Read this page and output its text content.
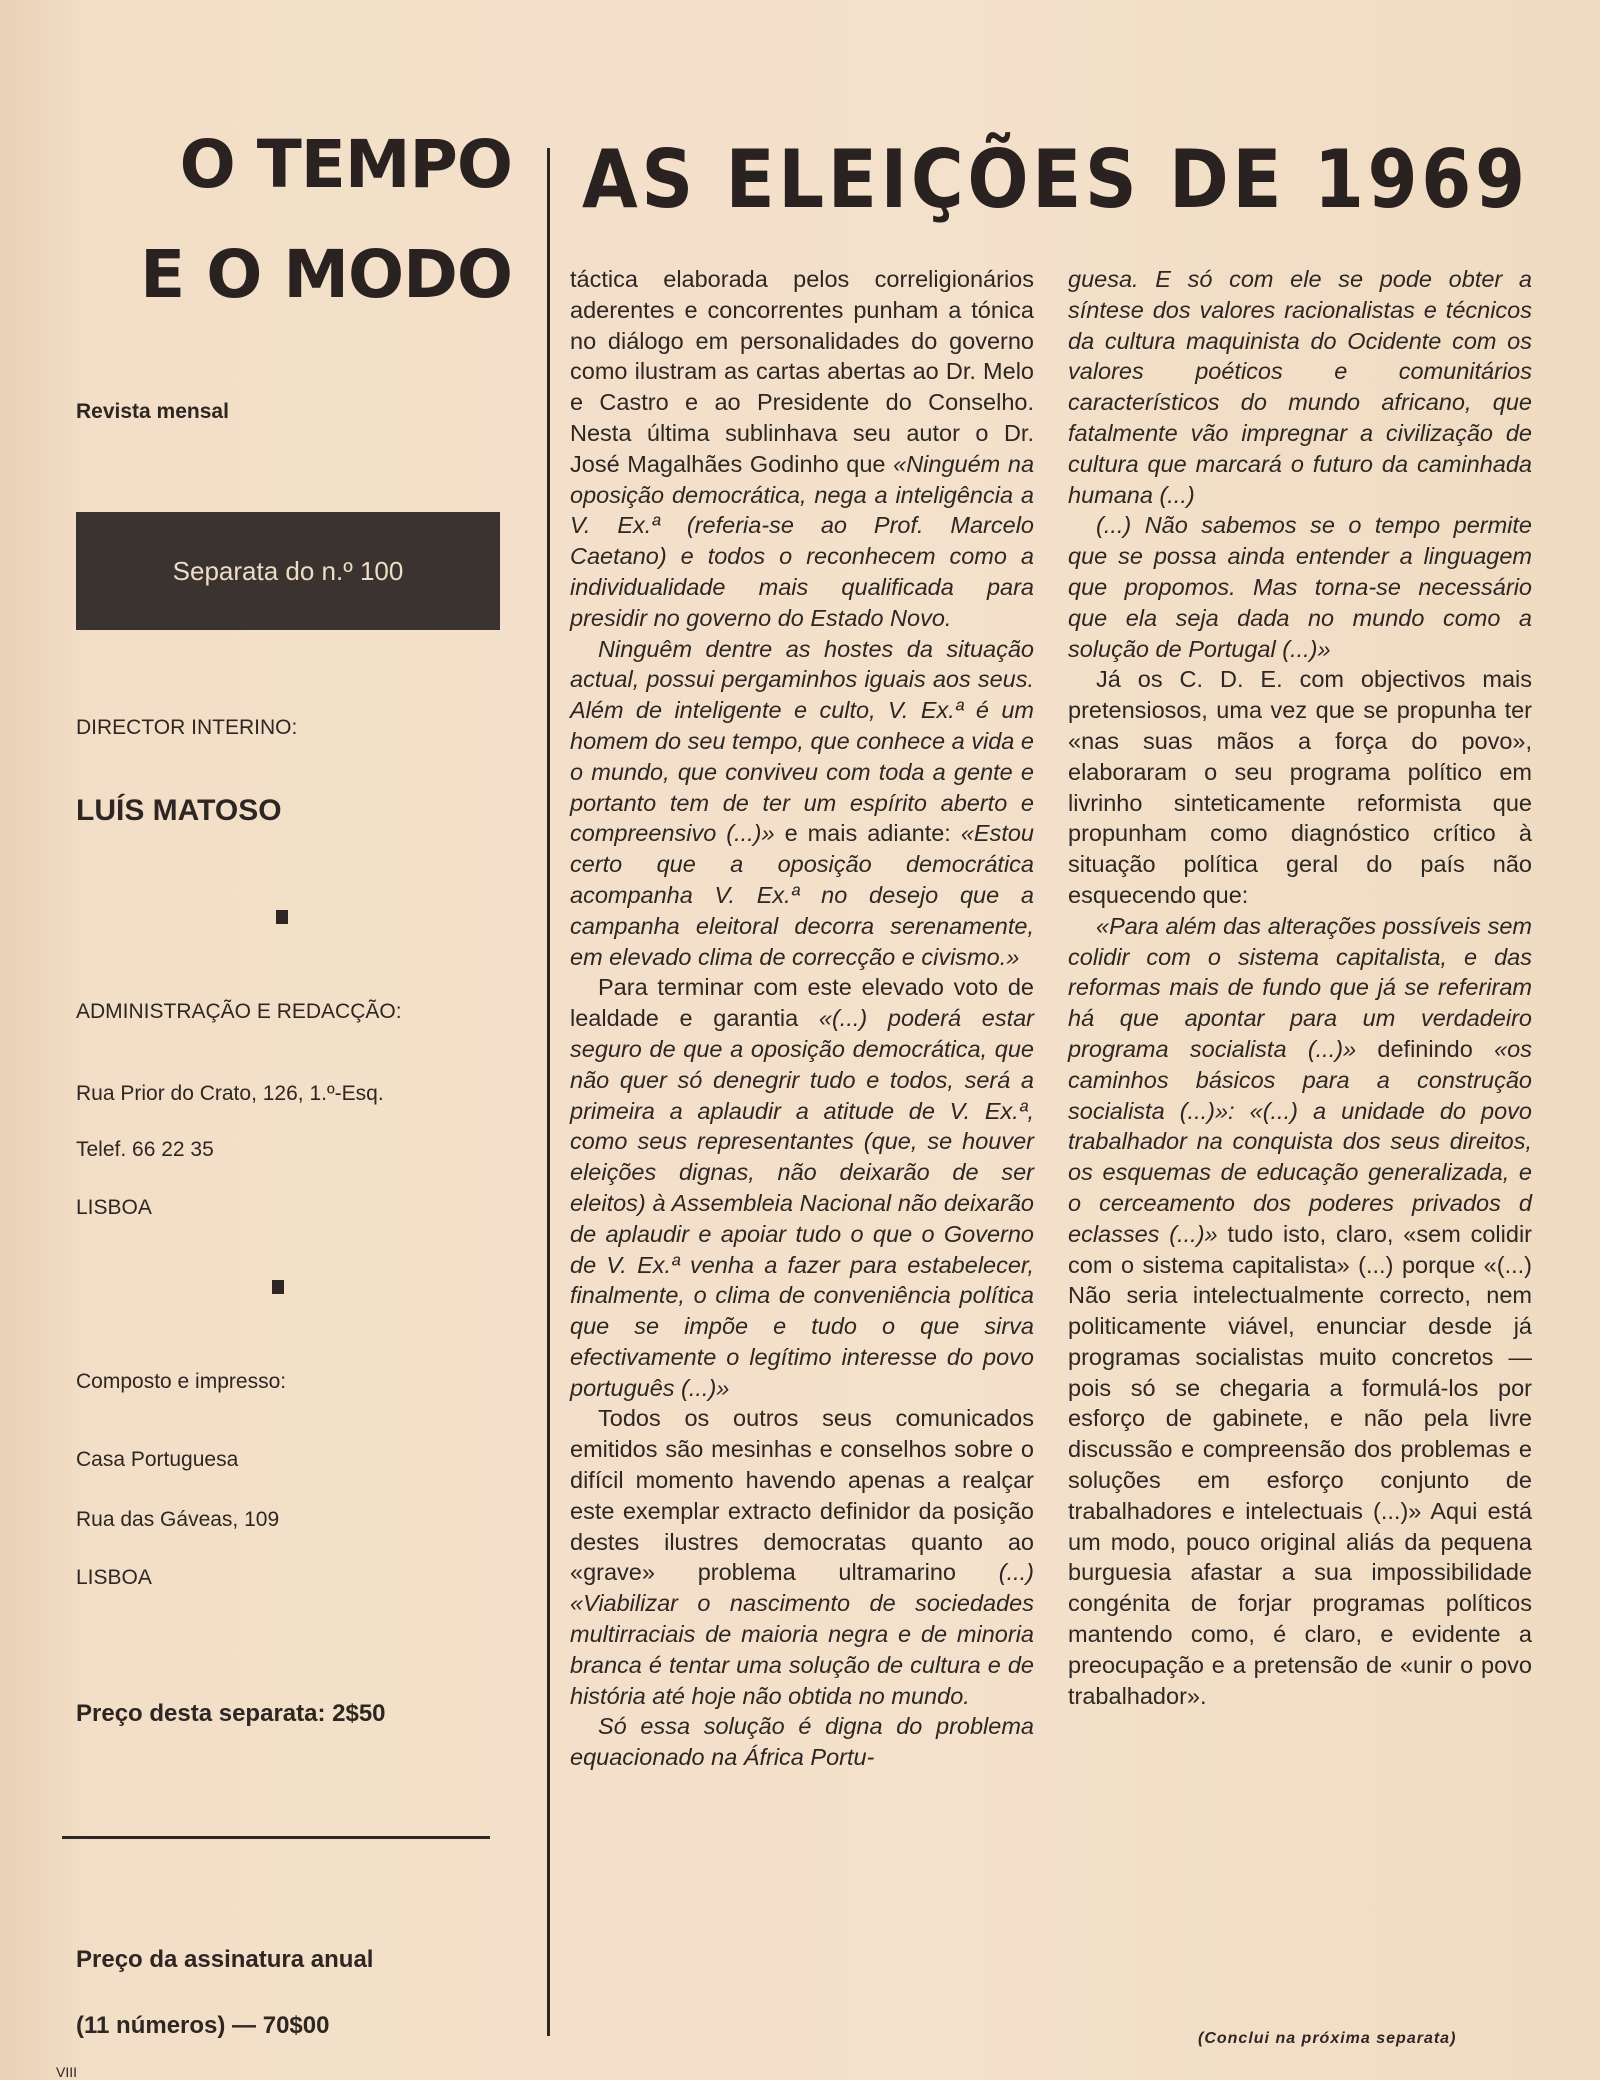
O TEMPO
E O MODO
Revista mensal
Separata do n.º 100
DIRECTOR INTERINO:
LUÍS MATOSO
ADMINISTRAÇÃO E REDACÇÃO:
Rua Prior do Crato, 126, 1.º-Esq.
Telef. 66 22 35
LISBOA
Composto e impresso:
Casa Portuguesa
Rua das Gáveas, 109
LISBOA
Preço desta separata: 2$50
Preço da assinatura anual
(11 números) — 70$00
AS ELEIÇÕES DE 1969

táctica elaborada pelos correligionários aderentes e concorrentes punham a tónica no diálogo em personalidades do governo como ilustram as cartas abertas ao Dr. Melo e Castro e ao Presidente do Conselho. Nesta última sublinhava seu autor o Dr. José Magalhães Godinho que «Ninguém na oposição democrática, nega a inteligência a V. Ex.ª (referia-se ao Prof. Marcelo Caetano) e todos o reconhecem como a individualidade mais qualificada para presidir no governo do Estado Novo.

Ninguêm dentre as hostes da situação actual, possui pergaminhos iguais aos seus. Além de inteligente e culto, V. Ex.ª é um homem do seu tempo, que conhece a vida e o mundo, que conviveu com toda a gente e portanto tem de ter um espírito aberto e compreensivo (...)» e mais adiante: «Estou certo que a oposição democrática acompanha V. Ex.ª no desejo que a campanha eleitoral decorra serenamente, em elevado clima de correcção e civismo.»

Para terminar com este elevado voto de lealdade e garantia «(...) poderá estar seguro de que a oposição democrática, que não quer só denegrir tudo e todos, será a primeira a aplaudir a atitude de V. Ex.ª, como seus representantes (que, se houver eleições dignas, não deixarão de ser eleitos) à Assembleia Nacional não deixarão de aplaudir e apoiar tudo o que o Governo de V. Ex.ª venha a fazer para estabelecer, finalmente, o clima de conveniência política que se impõe e tudo o que sirva efectivamente o legítimo interesse do povo português (...)»

Todos os outros seus comunicados emitidos são mesinhas e conselhos sobre o difícil momento havendo apenas a realçar este exemplar extracto definidor da posição destes ilustres democratas quanto ao «grave» problema ultramarino (...) «Viabilizar o nascimento de sociedades multirraciais de maioria negra e de minoria branca é tentar uma solução de cultura e de história até hoje não obtida no mundo.

Só essa solução é digna do problema equacionado na África Portu-

guesa. E só com ele se pode obter a síntese dos valores racionalistas e técnicos da cultura maquinista do Ocidente com os valores poéticos e comunitários característicos do mundo africano, que fatalmente vão impregnar a civilização de cultura que marcará o futuro da caminhada humana (...)

(...) Não sabemos se o tempo permite que se possa ainda entender a linguagem que propomos. Mas torna-se necessário que ela seja dada no mundo como a solução de Portugal (...)»

Já os C. D. E. com objectivos mais pretensiosos, uma vez que se propunha ter «nas suas mãos a força do povo», elaboraram o seu programa político em livrinho sinteticamente reformista que propunham como diagnóstico crítico à situação política geral do país não esquecendo que:

«Para além das alterações possíveis sem colidir com o sistema capitalista, e das reformas mais de fundo que já se referiram há que apontar para um verdadeiro programa socialista (...)» definindo «os caminhos básicos para a construção socialista (...)»: «(...) a unidade do povo trabalhador na conquista dos seus direitos, os esquemas de educação generalizada, e o cerceamento dos poderes privados d eclasses (...)» tudo isto, claro, «sem colidir com o sistema capitalista» (...) porque «(...) Não seria intelectualmente correcto, nem politicamente viável, enunciar desde já programas socialistas muito concretos — pois só se chegaria a formulá-los por esforço de gabinete, e não pela livre discussão e compreensão dos problemas e soluções em esforço conjunto de trabalhadores e intelectuais (...)» Aqui está um modo, pouco original aliás da pequena burguesia afastar a sua impossibilidade congénita de forjar programas políticos mantendo como, é claro, e evidente a preocupação e a pretensão de «unir o povo trabalhador».

(Conclui na próxima separata)
VIII
